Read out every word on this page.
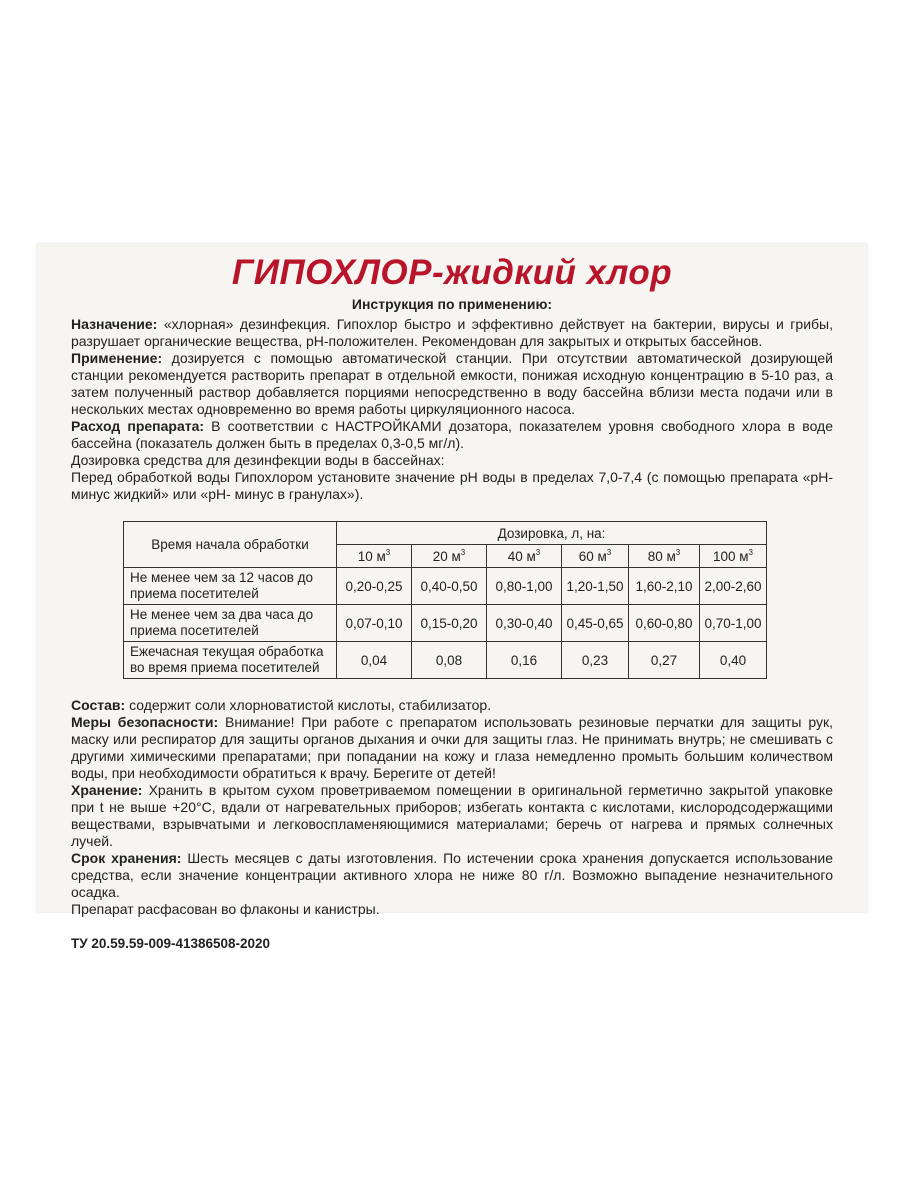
ГИПОХЛОР-жидкий хлор
Инструкция по применению:

Назначение: «хлорная» дезинфекция. Гипохлор быстро и эффективно действует на бактерии, вирусы и грибы, разрушает органические вещества, рН-положителен. Рекомендован для закрытых и открытых бассейнов.

Применение: дозируется с помощью автоматической станции. При отсутствии автоматической дозирующей станции рекомендуется растворить препарат в отдельной емкости, понижая исходную концентрацию в 5-10 раз, а затем полученный раствор добавляется порциями непосредственно в воду бассейна вблизи места подачи или в нескольких местах одновременно во время работы циркуляционного насоса.

Расход препарата: В соответствии с НАСТРОЙКАМИ дозатора, показателем уровня свободного хлора в воде бассейна (показатель должен быть в пределах 0,3-0,5 мг/л).

Дозировка средства для дезинфекции воды в бассейнах:

Перед обработкой воды Гипохлором установите значение рН воды в пределах 7,0-7,4 (с помощью препарата «рН- минус жидкий» или «рН- минус в гранулах»).

Время начала обработки	Дозировка, л, на:					
	10 $м^3$	20 $м^3$	40 $м^3$	60 $м^3$	80 $м^3$	100 $м^3$
Не менее чем за 12 часов до приема посетителей	0,20-0,25	0,40-0,50	0,80-1,00	1,20-1,50	1,60-2,10	2,00-2,60
Не менее чем за два часа до приема посетителей	0,07-0,10	0,15-0,20	0,30-0,40	0,45-0,65	0,60-0,80	0,70-1,00
Ежечасная текущая обработка во время приема посетителей	0,04	0,08	0,16	0,23	0,27	0,40

Состав: содержит соли хлорноватистой кислоты, стабилизатор.

Меры безопасности: Внимание! При работе с препаратом использовать резиновые перчатки для защиты рук, маску или респиратор для защиты органов дыхания и очки для защиты глаз. Не принимать внутрь; не смешивать с другими химическими препаратами; при попадании на кожу и глаза немедленно промыть большим количеством воды, при необходимости обратиться к врачу. Берегите от детей!

Хранение: Хранить в крытом сухом проветриваемом помещении в оригинальной герметично закрытой упаковке при t не выше +20°С, вдали от нагревательных приборов; избегать контакта с кислотами, кислородсодержащими веществами, взрывчатыми и легковоспламеняющимися материалами; беречь от нагрева и прямых солнечных лучей.

Срок хранения: Шесть месяцев с даты изготовления. По истечении срока хранения допускается использование средства, если значение концентрации активного хлора не ниже 80 г/л. Возможно выпадение незначительного осадка.

Препарат расфасован во флаконы и канистры.

ТУ 20.59.59-009-41386508-2020
